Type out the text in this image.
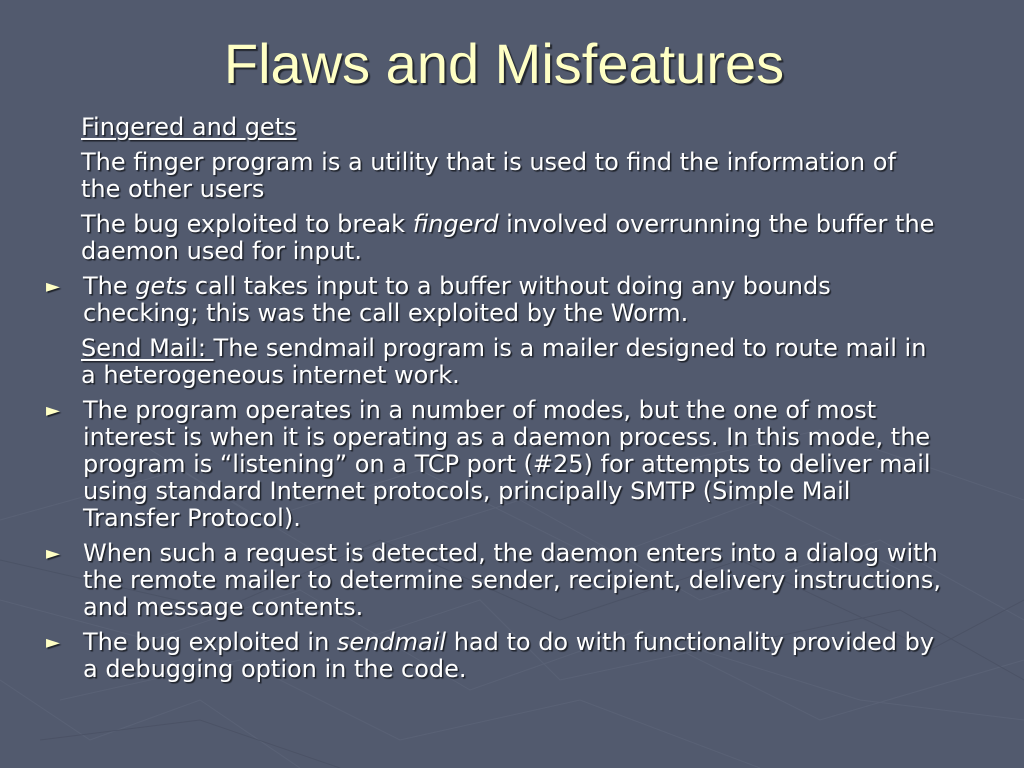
Flaws and Misfeatures
Fingered and gets
The finger program is a utility that is used to find the information of the other users
The bug exploited to break fingerd involved overrunning the buffer the daemon used for input.
► The gets call takes input to a buffer without doing any bounds checking; this was the call exploited by the Worm.
Send Mail: The sendmail program is a mailer designed to route mail in a heterogeneous internet work.
► The program operates in a number of modes, but the one of most interest is when it is operating as a daemon process. In this mode, the program is “listening” on a TCP port (#25) for attempts to deliver mail using standard Internet protocols, principally SMTP (Simple Mail Transfer Protocol).
► When such a request is detected, the daemon enters into a dialog with the remote mailer to determine sender, recipient, delivery instructions, and message contents.
► The bug exploited in sendmail had to do with functionality provided by a debugging option in the code.
